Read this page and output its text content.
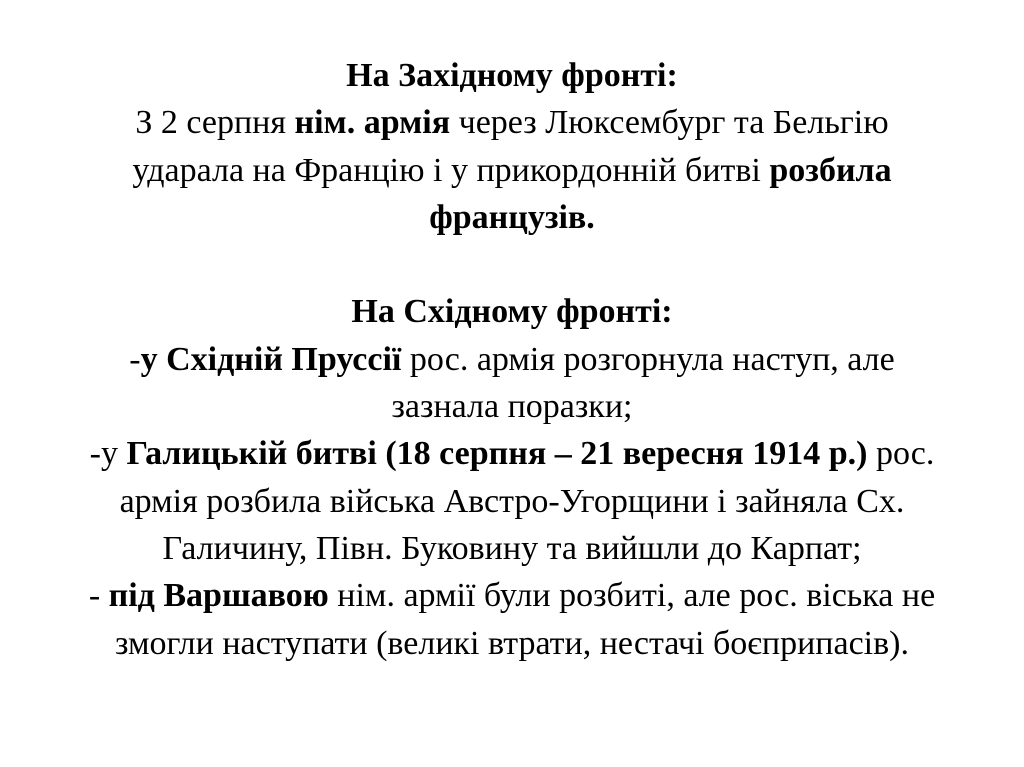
На Західному фронті:
З 2 серпня нім. армія через Люксембург та Бельгію
ударала на Францію і у прикордонній битві розбила
французів.
На Східному фронті:
-у Східній Пруссії рос. армія розгорнула наступ, але
зазнала поразки;
-у Галицькій битві (18 серпня – 21 вересня 1914 р.) рос.
армія розбила війська Австро-Угорщини і зайняла Сх.
Галичину, Півн. Буковину та вийшли до Карпат;
- під Варшавою нім. армії були розбиті, але рос. віська не
змогли наступати (великі втрати, нестачі боєприпасів).
